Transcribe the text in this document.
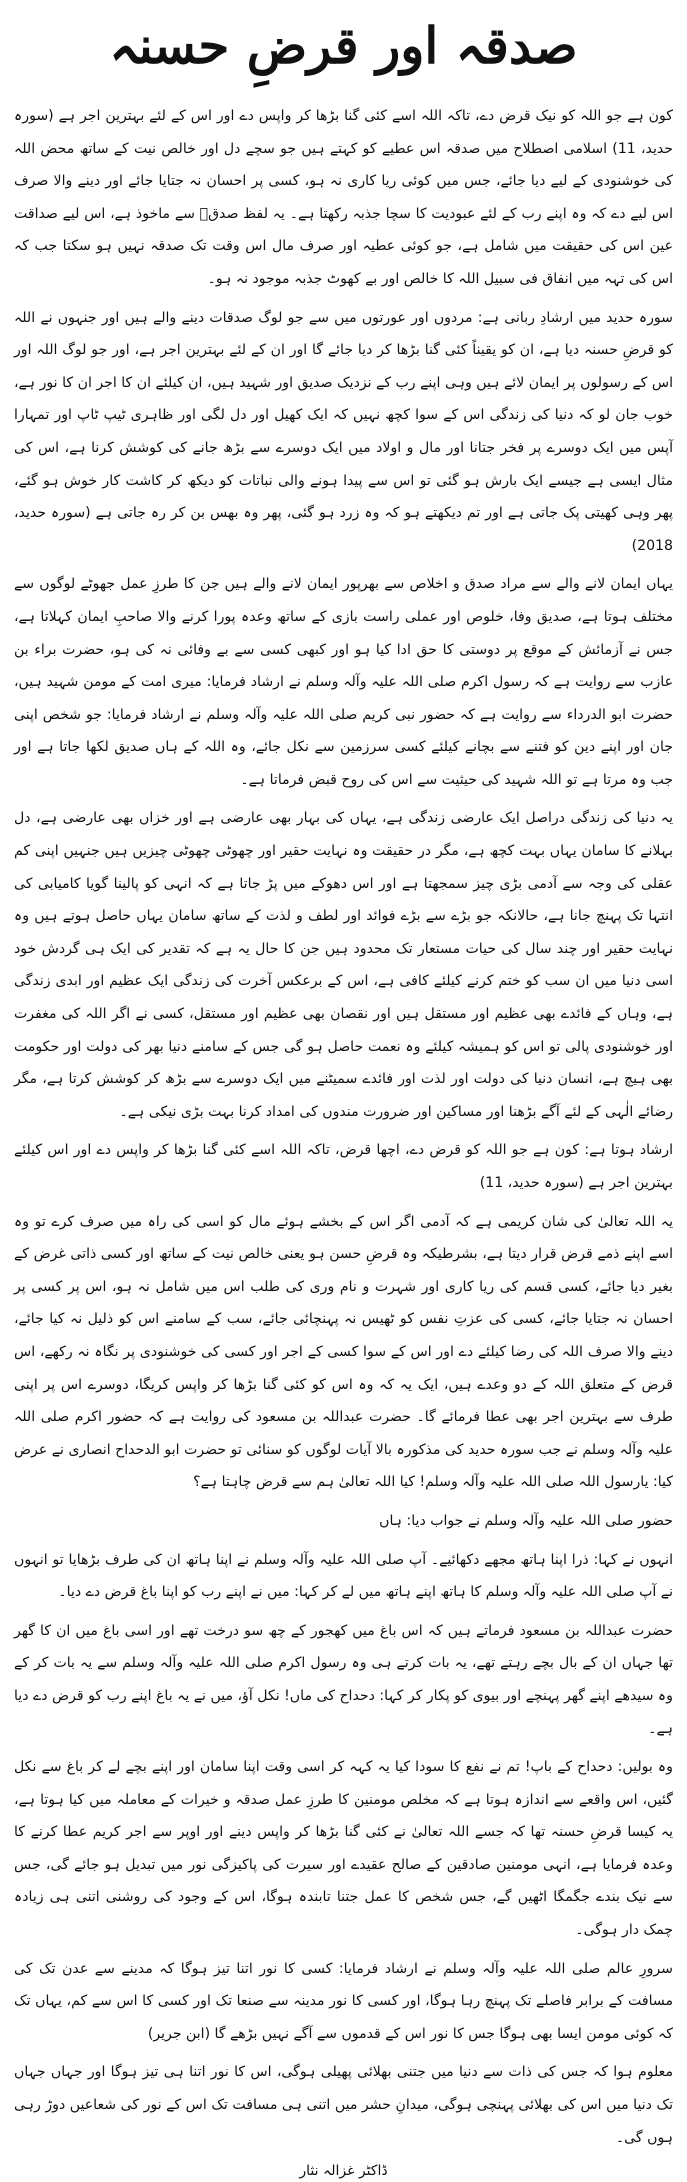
صدقہ اور قرضِ حسنہ

کون ہے جو اللہ کو نیک قرض دے، تاکہ اللہ اسے کئی گنا بڑھا کر واپس دے اور اس کے لئے بہترین اجر ہے (سورہ حدید، 11) اسلامی اصطلاح میں صدقہ اس عطیے کو کہتے ہیں جو سچے دل اور خالص نیت کے ساتھ محض اللہ کی خوشنودی کے لیے دیا جائے، جس میں کوئی ریا کاری نہ ہو، کسی پر احسان نہ جتایا جائے اور دینے والا صرف اس لیے دے کہ وہ اپنے رب کے لئے عبودیت کا سچا جذبہ رکھتا ہے۔ یہ لفظ صدقؔ سے ماخوذ ہے، اس لیے صداقت عین اس کی حقیقت میں شامل ہے، جو کوئی عطیہ اور صرف مال اس وقت تک صدقہ نہیں ہو سکتا جب کہ اس کی تہہ میں انفاق فی سبیل اللہ کا خالص اور بے کھوٹ جذبہ موجود نہ ہو۔

سورہ حدید میں ارشادِ ربانی ہے: مردوں اور عورتوں میں سے جو لوگ صدقات دینے والے ہیں اور جنہوں نے اللہ کو قرضِ حسنہ دیا ہے، ان کو یقیناً کئی گنا بڑھا کر دیا جائے گا اور ان کے لئے بہترین اجر ہے، اور جو لوگ اللہ اور اس کے رسولوں پر ایمان لائے ہیں وہی اپنے رب کے نزدیک صدیق اور شہید ہیں، ان کیلئے ان کا اجر ان کا نور ہے، خوب جان لو کہ دنیا کی زندگی اس کے سوا کچھ نہیں کہ ایک کھیل اور دل لگی اور ظاہری ٹیپ ٹاپ اور تمہارا آپس میں ایک دوسرے پر فخر جتانا اور مال و اولاد میں ایک دوسرے سے بڑھ جانے کی کوشش کرنا ہے، اس کی مثال ایسی ہے جیسے ایک بارش ہو گئی تو اس سے پیدا ہونے والی نباتات کو دیکھ کر کاشت کار خوش ہو گئے، پھر وہی کھیتی پک جاتی ہے اور تم دیکھتے ہو کہ وہ زرد ہو گئی، پھر وہ بھس بن کر رہ جاتی ہے (سورہ حدید، 2018)

یہاں ایمان لانے والے سے مراد صدق و اخلاص سے بھرپور ایمان لانے والے ہیں جن کا طرزِ عمل جھوٹے لوگوں سے مختلف ہوتا ہے، صدیق وفا، خلوص اور عملی راست بازی کے ساتھ وعدہ پورا کرنے والا صاحبِ ایمان کہلاتا ہے، جس نے آزمائش کے موقع پر دوستی کا حق ادا کیا ہو اور کبھی کسی سے بے وفائی نہ کی ہو، حضرت براء بن عازب سے روایت ہے کہ رسول اکرم صلی اللہ علیہ وآلہ وسلم نے ارشاد فرمایا: میری امت کے مومن شہید ہیں، حضرت ابو الدرداء سے روایت ہے کہ حضور نبی کریم صلی اللہ علیہ وآلہ وسلم نے ارشاد فرمایا: جو شخص اپنی جان اور اپنے دین کو فتنے سے بچانے کیلئے کسی سرزمین سے نکل جائے، وہ اللہ کے ہاں صدیق لکھا جاتا ہے اور جب وہ مرتا ہے تو اللہ شہید کی حیثیت سے اس کی روح قبض فرماتا ہے۔

یہ دنیا کی زندگی دراصل ایک عارضی زندگی ہے، یہاں کی بہار بھی عارضی ہے اور خزاں بھی عارضی ہے، دل بہلانے کا سامان یہاں بہت کچھ ہے، مگر در حقیقت وہ نہایت حقیر اور چھوٹی چھوٹی چیزیں ہیں جنہیں اپنی کم عقلی کی وجہ سے آدمی بڑی چیز سمجھتا ہے اور اس دھوکے میں پڑ جاتا ہے کہ انہی کو پالینا گویا کامیابی کی انتہا تک پہنچ جانا ہے، حالانکہ جو بڑے سے بڑے فوائد اور لطف و لذت کے ساتھ سامان یہاں حاصل ہوتے ہیں وہ نہایت حقیر اور چند سال کی حیات مستعار تک محدود ہیں جن کا حال یہ ہے کہ تقدیر کی ایک ہی گردش خود اسی دنیا میں ان سب کو ختم کرنے کیلئے کافی ہے، اس کے برعکس آخرت کی زندگی ایک عظیم اور ابدی زندگی ہے، وہاں کے فائدے بھی عظیم اور مستقل ہیں اور نقصان بھی عظیم اور مستقل، کسی نے اگر اللہ کی مغفرت اور خوشنودی پالی تو اس کو ہمیشہ کیلئے وہ نعمت حاصل ہو گی جس کے سامنے دنیا بھر کی دولت اور حکومت بھی ہیچ ہے، انسان دنیا کی دولت اور لذت اور فائدے سمیٹنے میں ایک دوسرے سے بڑھ کر کوشش کرتا ہے، مگر رضائے الٰہی کے لئے آگے بڑھنا اور مساکین اور ضرورت مندوں کی امداد کرنا بہت بڑی نیکی ہے۔

ارشاد ہوتا ہے: کون ہے جو اللہ کو قرض دے، اچھا قرض، تاکہ اللہ اسے کئی گنا بڑھا کر واپس دے اور اس کیلئے بہترین اجر ہے (سورہ حدید، 11)

یہ اللہ تعالیٰ کی شان کریمی ہے کہ آدمی اگر اس کے بخشے ہوئے مال کو اسی کی راہ میں صرف کرے تو وہ اسے اپنے ذمے قرض قرار دیتا ہے، بشرطیکہ وہ قرضِ حسن ہو یعنی خالص نیت کے ساتھ اور کسی ذاتی غرض کے بغیر دیا جائے، کسی قسم کی ریا کاری اور شہرت و نام وری کی طلب اس میں شامل نہ ہو، اس پر کسی پر احسان نہ جتایا جائے، کسی کی عزتِ نفس کو ٹھیس نہ پہنچائی جائے، سب کے سامنے اس کو ذلیل نہ کیا جائے، دینے والا صرف اللہ کی رضا کیلئے دے اور اس کے سوا کسی کے اجر اور کسی کی خوشنودی پر نگاہ نہ رکھے، اس قرض کے متعلق اللہ کے دو وعدے ہیں، ایک یہ کہ وہ اس کو کئی گنا بڑھا کر واپس کریگا، دوسرے اس پر اپنی طرف سے بہترین اجر بھی عطا فرمائے گا۔ حضرت عبداللہ بن مسعود کی روایت ہے کہ حضور اکرم صلی اللہ علیہ وآلہ وسلم نے جب سورہ حدید کی مذکورہ بالا آیات لوگوں کو سنائی تو حضرت ابو الدحداح انصاری نے عرض کیا: یارسول اللہ صلی اللہ علیہ وآلہ وسلم! کیا اللہ تعالیٰ ہم سے قرض چاہتا ہے؟

حضور صلی اللہ علیہ وآلہ وسلم نے جواب دیا: ہاں

انہوں نے کہا: ذرا اپنا ہاتھ مجھے دکھائیے۔ آپ صلی اللہ علیہ وآلہ وسلم نے اپنا ہاتھ ان کی طرف بڑھایا تو انہوں نے آپ صلی اللہ علیہ وآلہ وسلم کا ہاتھ اپنے ہاتھ میں لے کر کہا: میں نے اپنے رب کو اپنا باغ قرض دے دیا۔

حضرت عبداللہ بن مسعود فرماتے ہیں کہ اس باغ میں کھجور کے چھ سو درخت تھے اور اسی باغ میں ان کا گھر تھا جہاں ان کے بال بچے رہتے تھے، یہ بات کرتے ہی وہ رسول اکرم صلی اللہ علیہ وآلہ وسلم سے یہ بات کر کے وہ سیدھے اپنے گھر پہنچے اور بیوی کو پکار کر کہا: دحداح کی ماں! نکل آؤ، میں نے یہ باغ اپنے رب کو قرض دے دیا ہے۔

وہ بولیں: دحداح کے باپ! تم نے نفع کا سودا کیا یہ کہہ کر اسی وقت اپنا سامان اور اپنے بچے لے کر باغ سے نکل گئیں، اس واقعے سے اندازہ ہوتا ہے کہ مخلص مومنین کا طرزِ عمل صدقہ و خیرات کے معاملہ میں کیا ہوتا ہے، یہ کیسا قرضِ حسنہ تھا کہ جسے اللہ تعالیٰ نے کئی گنا بڑھا کر واپس دینے اور اوپر سے اجر کریم عطا کرنے کا وعدہ فرمایا ہے، انہی مومنین صادقین کے صالح عقیدے اور سیرت کی پاکیزگی نور میں تبدیل ہو جائے گی، جس سے نیک بندے جگمگا اٹھیں گے، جس شخص کا عمل جتنا تابندہ ہوگا، اس کے وجود کی روشنی اتنی ہی زیادہ چمک دار ہوگی۔

سرورِ عالم صلی اللہ علیہ وآلہ وسلم نے ارشاد فرمایا: کسی کا نور اتنا تیز ہوگا کہ مدینے سے عدن تک کی مسافت کے برابر فاصلے تک پہنچ رہا ہوگا، اور کسی کا نور مدینہ سے صنعا تک اور کسی کا اس سے کم، یہاں تک کہ کوئی مومن ایسا بھی ہوگا جس کا نور اس کے قدموں سے آگے نہیں بڑھے گا (ابن جریر)

معلوم ہوا کہ جس کی ذات سے دنیا میں جتنی بھلائی پھیلی ہوگی، اس کا نور اتنا ہی تیز ہوگا اور جہاں جہاں تک دنیا میں اس کی بھلائی پہنچی ہوگی، میدانِ حشر میں اتنی ہی مسافت تک اس کے نور کی شعاعیں دوڑ رہی ہوں گی۔

ڈاکٹر غزالہ نثار
